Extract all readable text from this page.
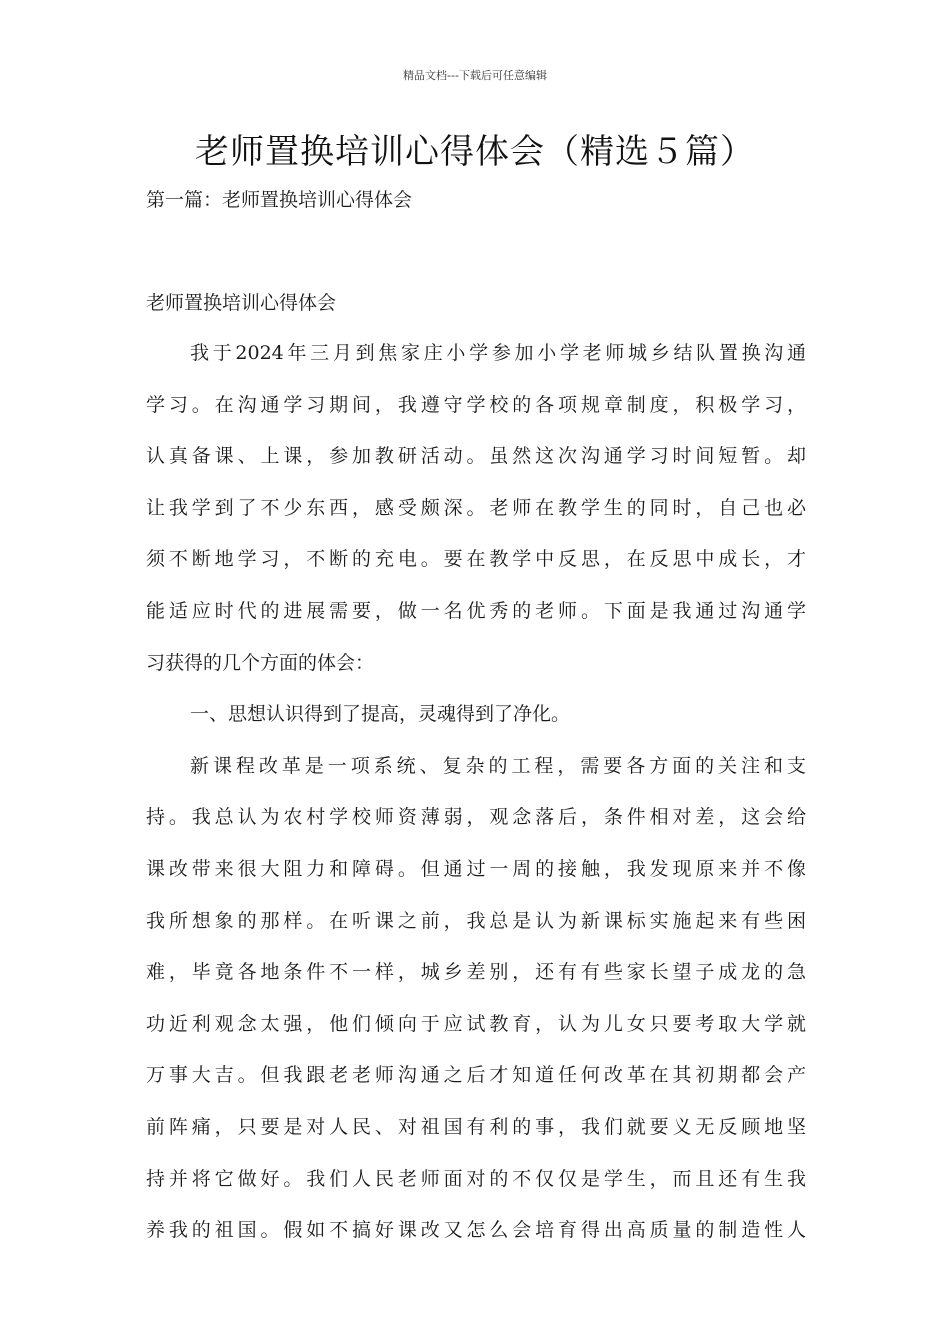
精品文档---下载后可任意编辑
老师置换培训心得体会（精选５篇）
第一篇：老师置换培训心得体会
老师置换培训心得体会
我于2024年三月到焦家庄小学参加小学老师城乡结队置换沟通
学习。在沟通学习期间，我遵守学校的各项规章制度，积极学习，
认真备课、上课，参加教研活动。虽然这次沟通学习时间短暂。却
让我学到了不少东西，感受颇深。老师在教学生的同时，自己也必
须不断地学习，不断的充电。要在教学中反思，在反思中成长，才
能适应时代的进展需要，做一名优秀的老师。下面是我通过沟通学
习获得的几个方面的体会：
一、思想认识得到了提高，灵魂得到了净化。
新课程改革是一项系统、复杂的工程，需要各方面的关注和支
持。我总认为农村学校师资薄弱，观念落后，条件相对差，这会给
课改带来很大阻力和障碍。但通过一周的接触，我发现原来并不像
我所想象的那样。在听课之前，我总是认为新课标实施起来有些困
难，毕竟各地条件不一样，城乡差别，还有有些家长望子成龙的急
功近利观念太强，他们倾向于应试教育，认为儿女只要考取大学就
万事大吉。但我跟老老师沟通之后才知道任何改革在其初期都会产
前阵痛，只要是对人民、对祖国有利的事，我们就要义无反顾地坚
持并将它做好。我们人民老师面对的不仅仅是学生，而且还有生我
养我的祖国。假如不搞好课改又怎么会培育得出高质量的制造性人
